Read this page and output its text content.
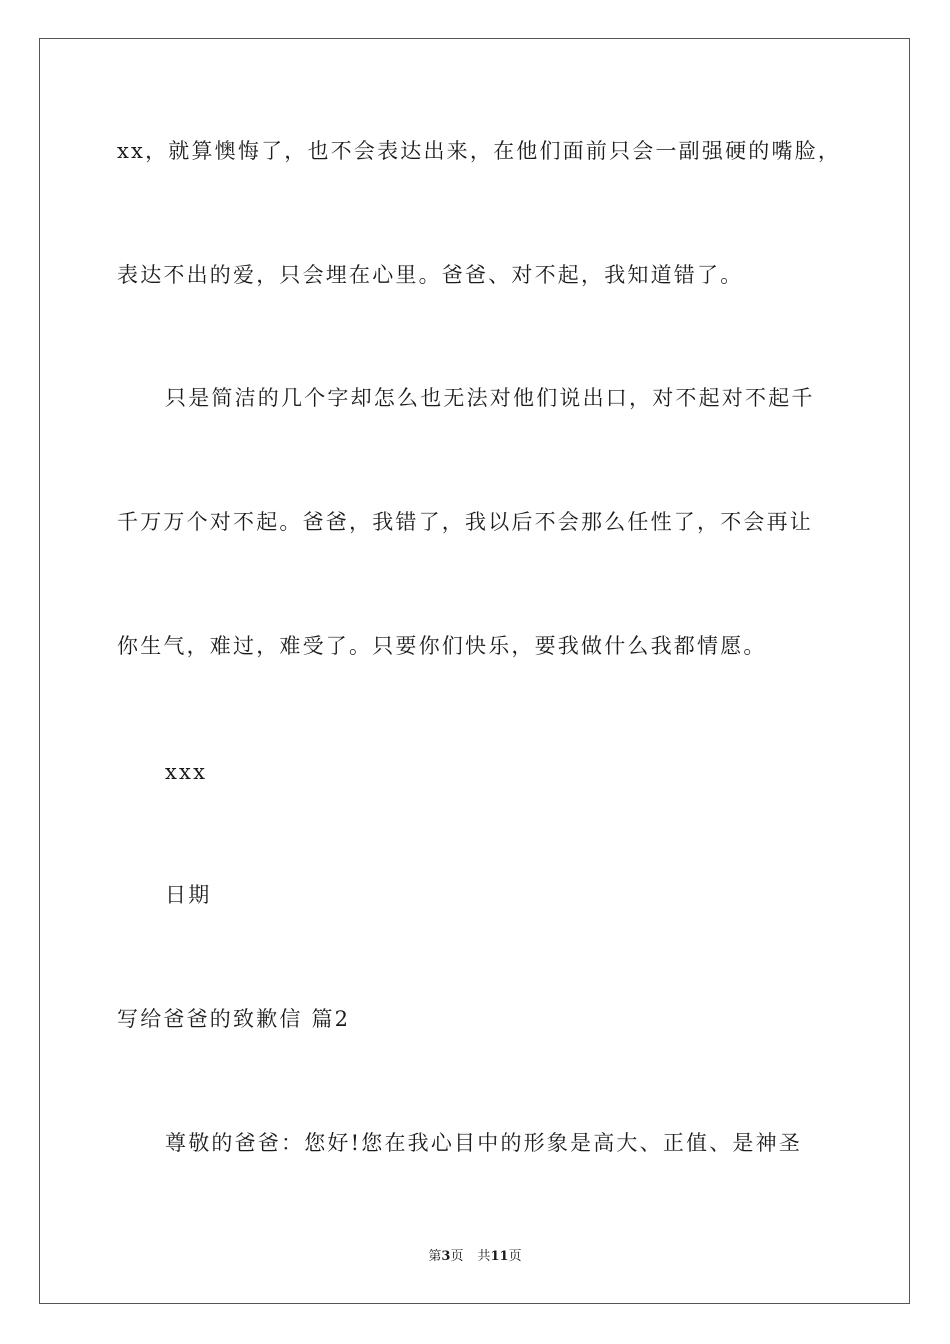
xx，就算懊悔了，也不会表达出来，在他们面前只会一副强硬的嘴脸，
表达不出的爱，只会埋在心里。爸爸、对不起，我知道错了。
只是简洁的几个字却怎么也无法对他们说出口，对不起对不起千
千万万个对不起。爸爸，我错了，我以后不会那么任性了，不会再让
你生气，难过，难受了。只要你们快乐，要我做什么我都情愿。
xxx
日期
写给爸爸的致歉信 篇2
尊敬的爸爸：您好!您在我心目中的形象是高大、正值、是神圣
第3页 共11页
